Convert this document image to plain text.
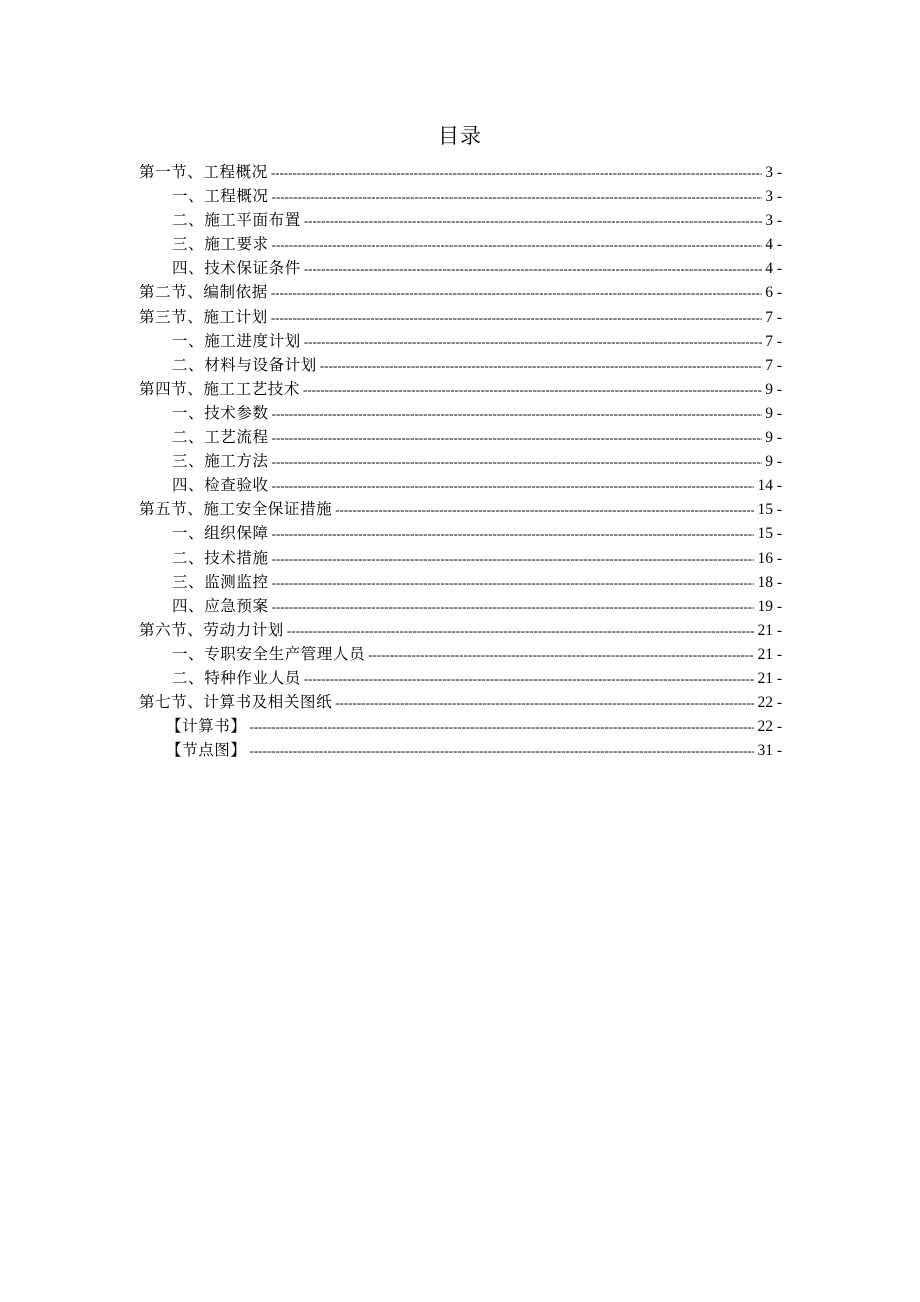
目录
第一节、工程概况 -----	3 -
一、工程概况 -----	3 -
二、施工平面布置 -----	3 -
三、施工要求 -----	4 -
四、技术保证条件 -----	4 -
第二节、编制依据 -----	6 -
第三节、施工计划 -----	7 -
一、施工进度计划 -----	7 -
二、材料与设备计划 -----	7 -
第四节、施工工艺技术 -----	9 -
一、技术参数 -----	9 -
二、工艺流程 -----	9 -
三、施工方法 -----	9 -
四、检查验收 -----	14 -
第五节、施工安全保证措施 -----	15 -
一、组织保障 -----	15 -
二、技术措施 -----	16 -
三、监测监控 -----	18 -
四、应急预案 -----	19 -
第六节、劳动力计划 -----	21 -
一、专职安全生产管理人员 -----	21 -
二、特种作业人员 -----	21 -
第七节、计算书及相关图纸 -----	22 -
【计算书】 -----	22 -
【节点图】 -----	31 -
